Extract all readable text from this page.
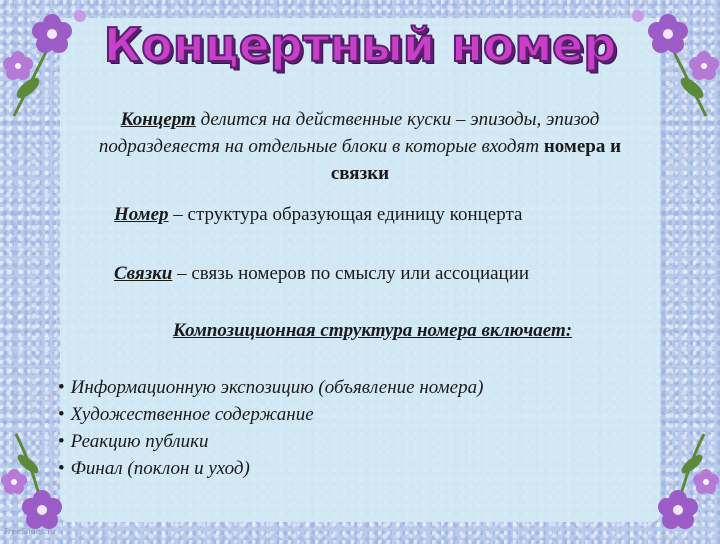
Концертный номер
Концерт делится на действенные куски – эпизоды, эпизод подраздеяестя на отдельные блоки в которые входят номера и связки
Номер – структура образующая единицу концерта
Связки – связь номеров по смыслу или ассоциации
Композиционная структура номера включает:
• Информационную экспозицию (объявление номера)
• Художественное содержание
• Реакцию публики
• Финал (поклон и уход)
FreeSlides.ru
